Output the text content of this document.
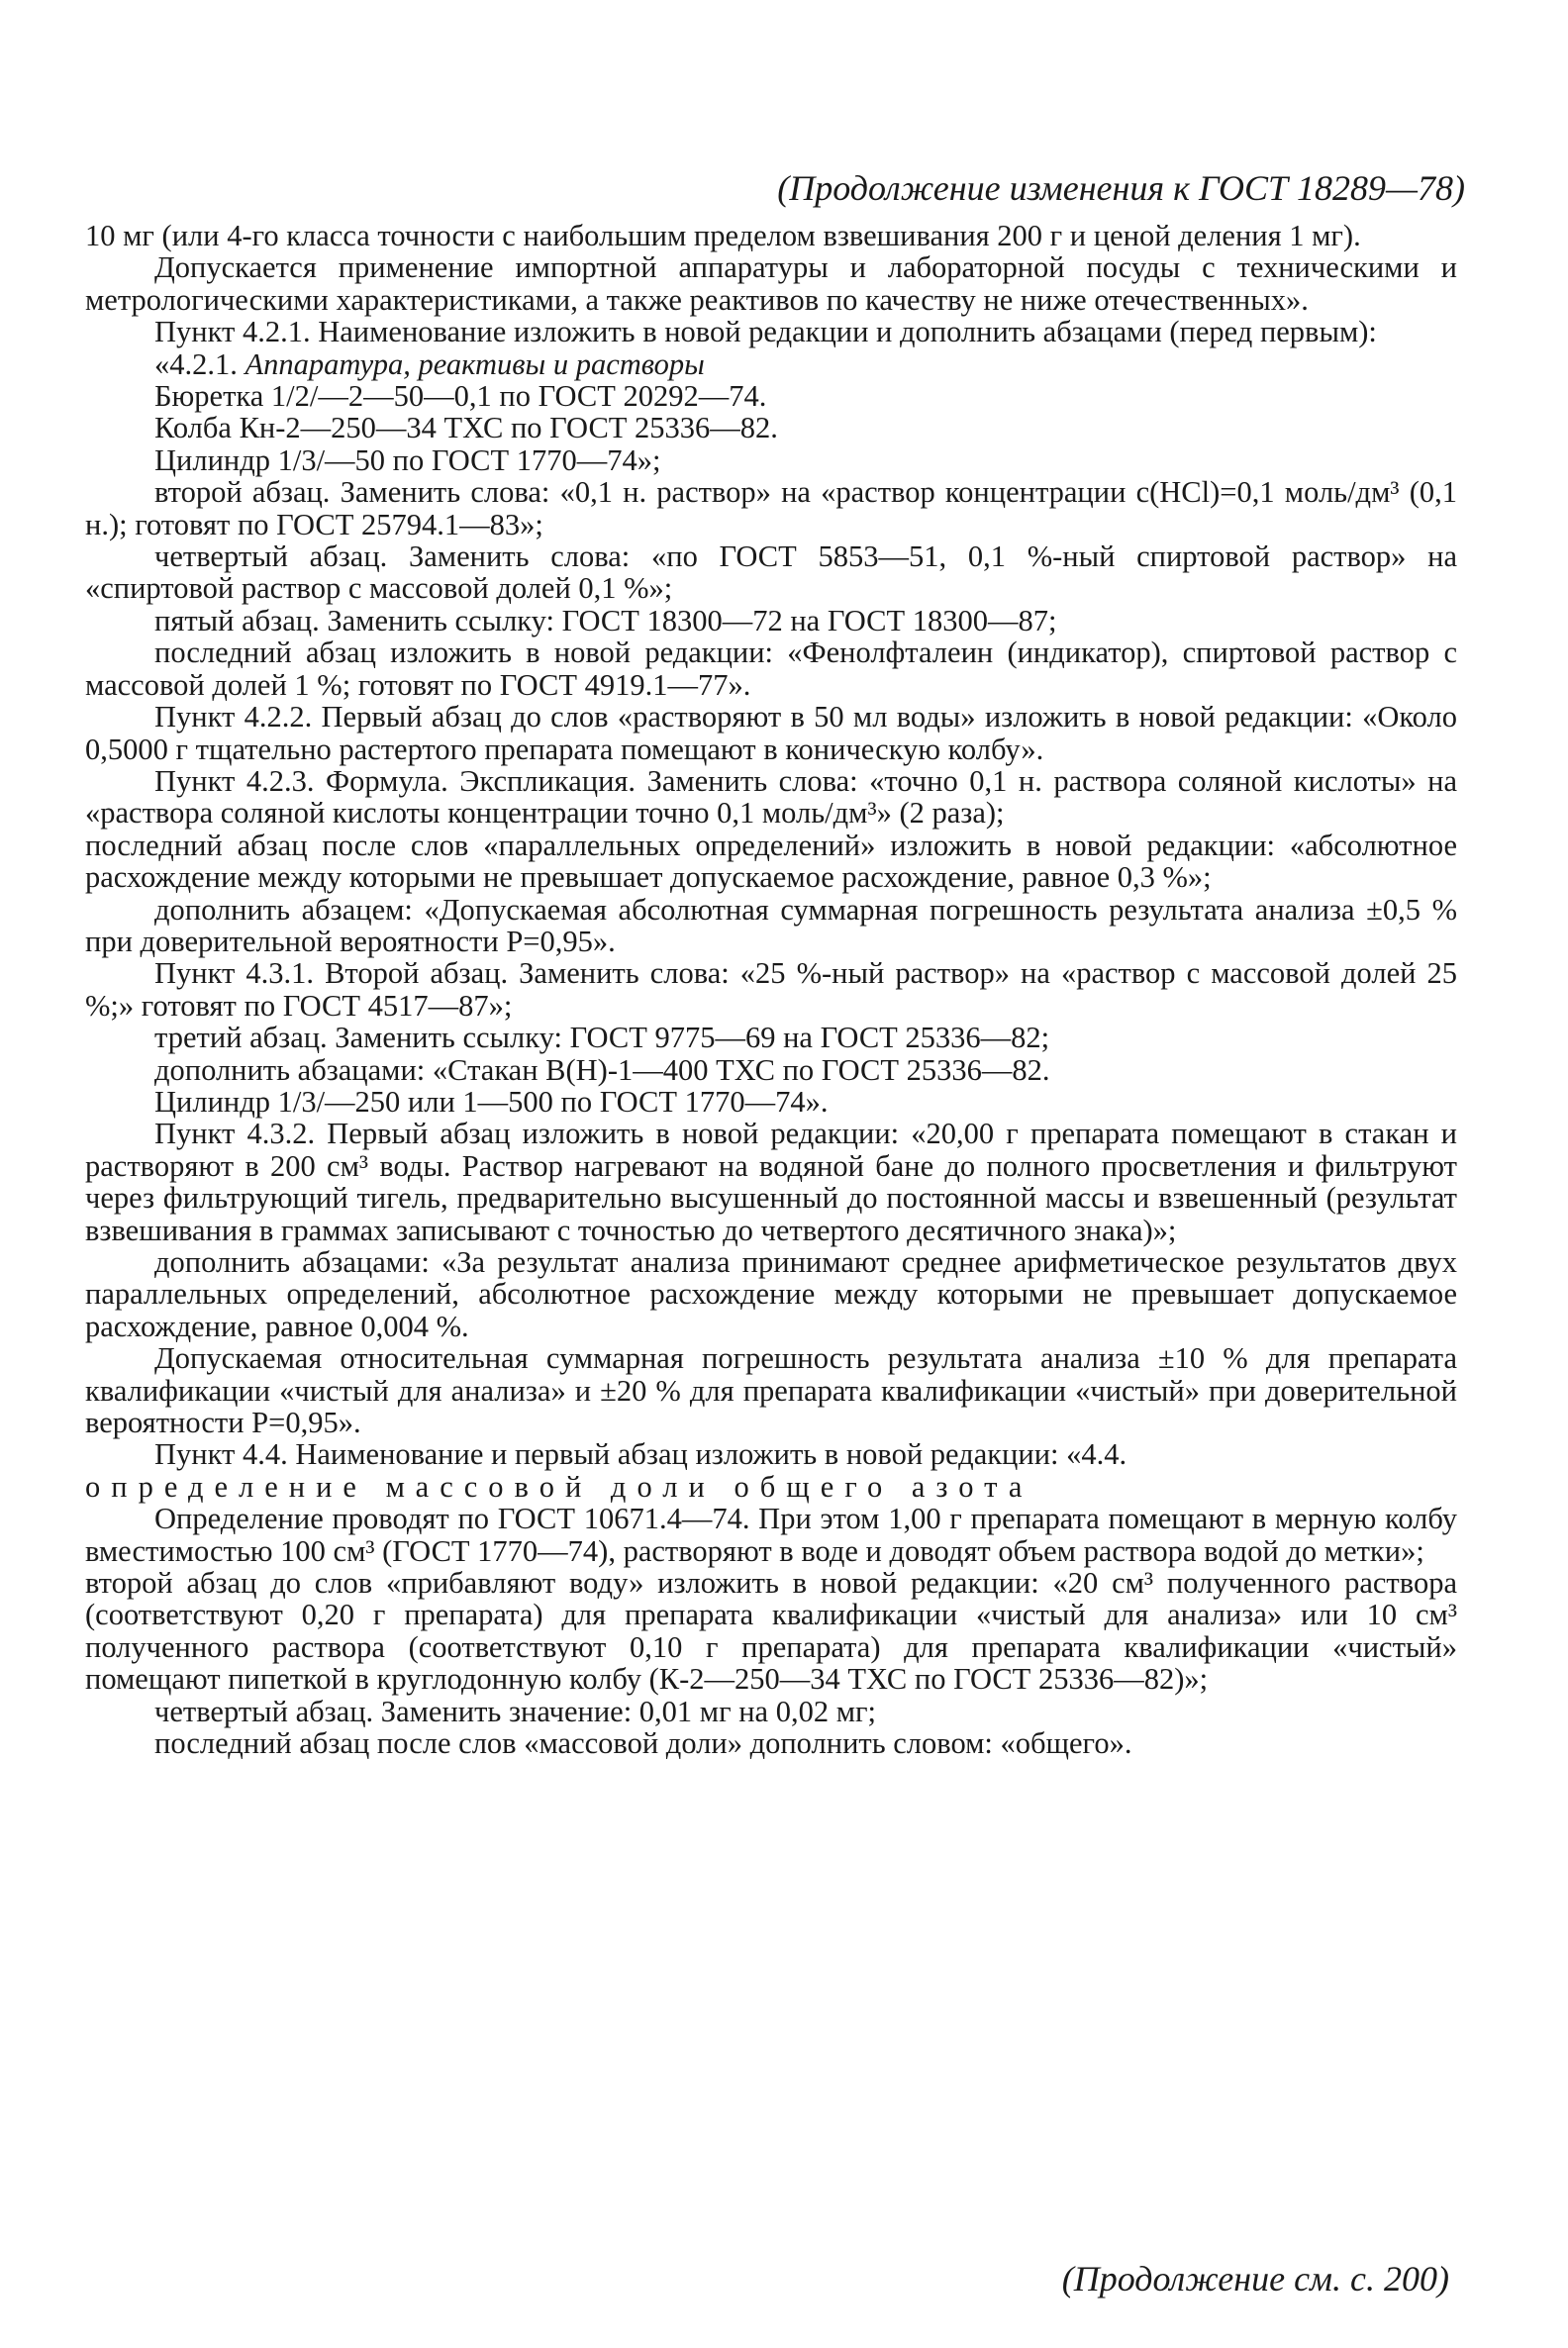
(Продолжение изменения к ГОСТ 18289—78)

10 мг (или 4-го класса точности с наибольшим пределом взвешивания 200 г и ценой деления 1 мг).

Допускается применение импортной аппаратуры и лабораторной посуды с техническими и метрологическими характеристиками, а также реактивов по качеству не ниже отечественных».

Пункт 4.2.1. Наименование изложить в новой редакции и дополнить абзацами (перед первым):

«4.2.1. Аппаратура, реактивы и растворы

Бюретка 1/2/—2—50—0,1 по ГОСТ 20292—74.

Колба Кн-2—250—34 ТХС по ГОСТ 25336—82.

Цилиндр 1/3/—50 по ГОСТ 1770—74»;

второй абзац. Заменить слова: «0,1 н. раствор» на «раствор концентрации c(HCl)=0,1 моль/дм³ (0,1 н.); готовят по ГОСТ 25794.1—83»;

четвертый абзац. Заменить слова: «по ГОСТ 5853—51, 0,1 %-ный спиртовой раствор» на «спиртовой раствор с массовой долей 0,1 %»;

пятый абзац. Заменить ссылку: ГОСТ 18300—72 на ГОСТ 18300—87;

последний абзац изложить в новой редакции: «Фенолфталеин (индикатор), спиртовой раствор с массовой долей 1 %; готовят по ГОСТ 4919.1—77».

Пункт 4.2.2. Первый абзац до слов «растворяют в 50 мл воды» изложить в новой редакции: «Около 0,5000 г тщательно растертого препарата помещают в коническую колбу».

Пункт 4.2.3. Формула. Экспликация. Заменить слова: «точно 0,1 н. раствора соляной кислоты» на «раствора соляной кислоты концентрации точно 0,1 моль/дм³» (2 раза);

последний абзац после слов «параллельных определений» изложить в новой редакции: «абсолютное расхождение между которыми не превышает допускаемое расхождение, равное 0,3 %»;

дополнить абзацем: «Допускаемая абсолютная суммарная погрешность результата анализа ±0,5 % при доверительной вероятности P=0,95».

Пункт 4.3.1. Второй абзац. Заменить слова: «25 %-ный раствор» на «раствор с массовой долей 25 %;» готовят по ГОСТ 4517—87»;

третий абзац. Заменить ссылку: ГОСТ 9775—69 на ГОСТ 25336—82;

дополнить абзацами: «Стакан В(Н)-1—400 ТХС по ГОСТ 25336—82.

Цилиндр 1/3/—250 или 1—500 по ГОСТ 1770—74».

Пункт 4.3.2. Первый абзац изложить в новой редакции: «20,00 г препарата помещают в стакан и растворяют в 200 см³ воды. Раствор нагревают на водяной бане до полного просветления и фильтруют через фильтрующий тигель, предварительно высушенный до постоянной массы и взвешенный (результат взвешивания в граммах записывают с точностью до четвертого десятичного знака)»;

дополнить абзацами: «За результат анализа принимают среднее арифметическое результатов двух параллельных определений, абсолютное расхождение между которыми не превышает допускаемое расхождение, равное 0,004 %.

Допускаемая относительная суммарная погрешность результата анализа ±10 % для препарата квалификации «чистый для анализа» и ±20 % для препарата квалификации «чистый» при доверительной вероятности P=0,95».

Пункт 4.4. Наименование и первый абзац изложить в новой редакции: «4.4.

определение массовой доли общего азота

Определение проводят по ГОСТ 10671.4—74. При этом 1,00 г препарата помещают в мерную колбу вместимостью 100 см³ (ГОСТ 1770—74), растворяют в воде и доводят объем раствора водой до метки»;

второй абзац до слов «прибавляют воду» изложить в новой редакции: «20 см³ полученного раствора (соответствуют 0,20 г препарата) для препарата квалификации «чистый для анализа» или 10 см³ полученного раствора (соответствуют 0,10 г препарата) для препарата квалификации «чистый» помещают пипеткой в круглодонную колбу (К-2—250—34 ТХС по ГОСТ 25336—82)»;

четвертый абзац. Заменить значение: 0,01 мг на 0,02 мг;

последний абзац после слов «массовой доли» дополнить словом: «общего».

(Продолжение см. с. 200)
